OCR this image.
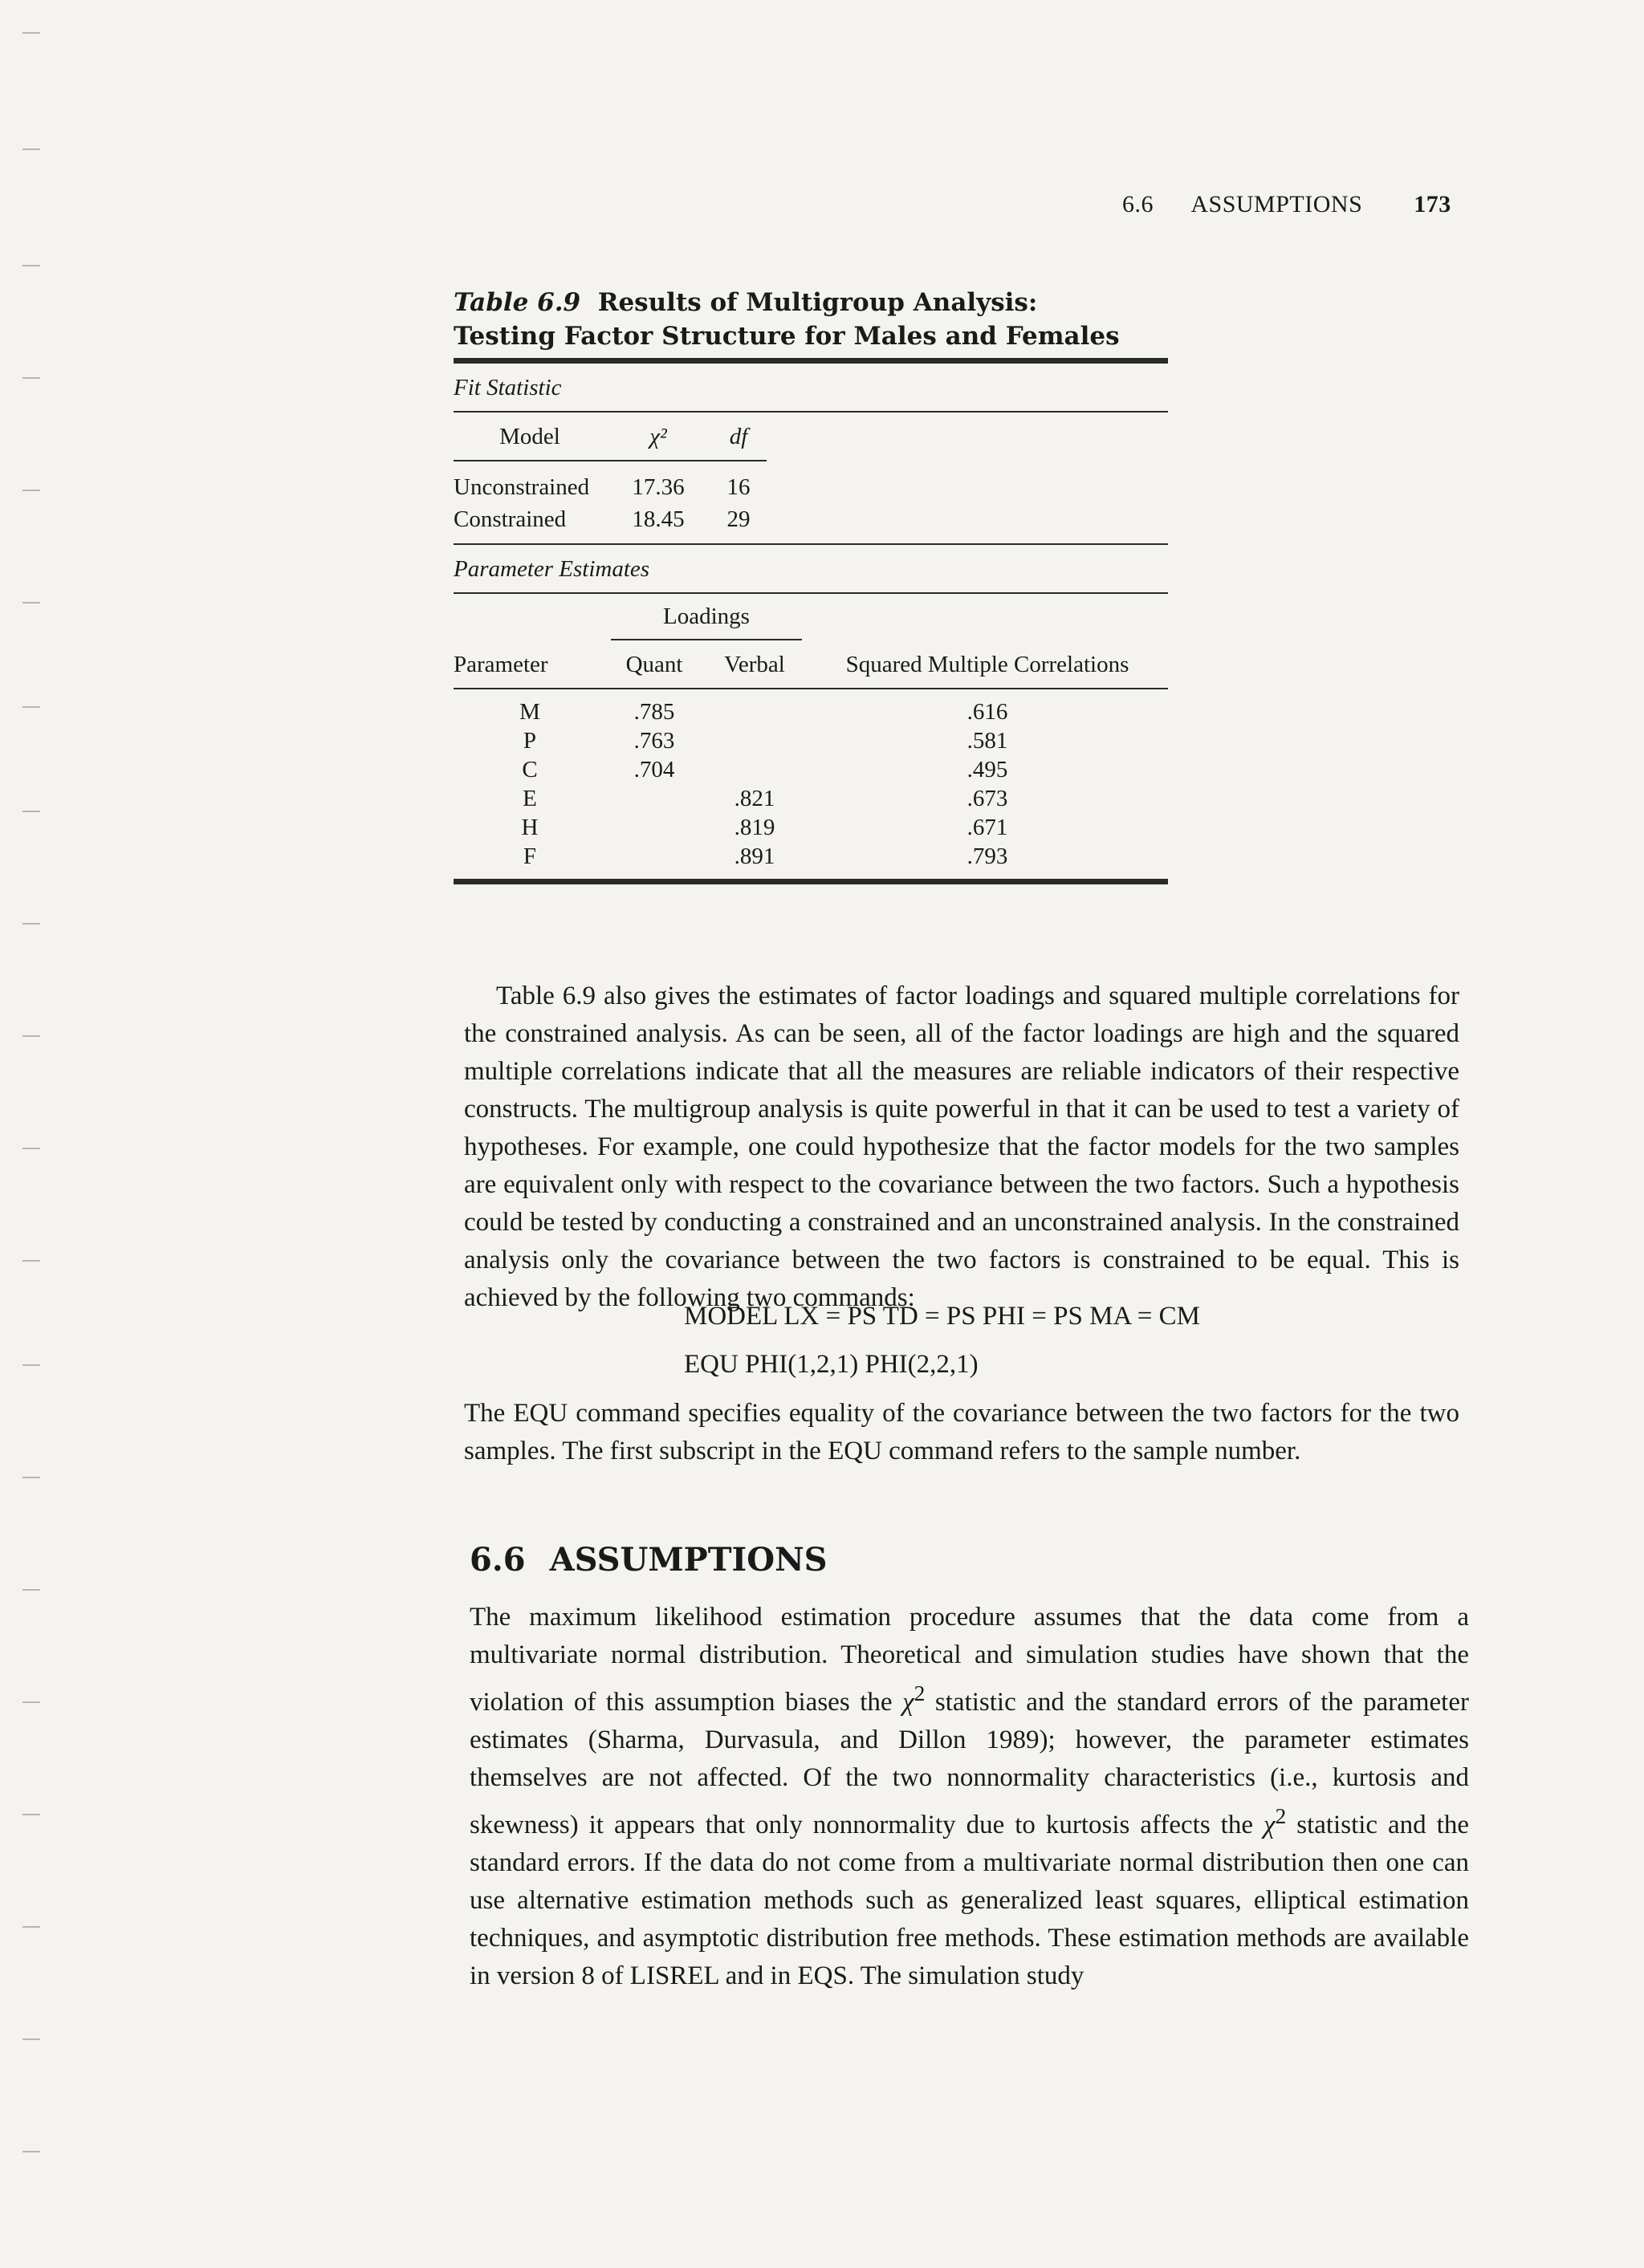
6.6 ASSUMPTIONS 173
Table 6.9 Results of Multigroup Analysis:
Testing Factor Structure for Males and Females
Fit Statistic
Model	χ²	df
Unconstrained	17.36	16
Constrained	18.45	29
Parameter Estimates
	Loadings	

Parameter	Quant	Verbal	Squared Multiple Correlations

M	.785		.616
P	.763		.581
C	.704		.495
E		.821	.673
H		.819	.671
F		.891	.793

Table 6.9 also gives the estimates of factor loadings and squared multiple correlations for the constrained analysis. As can be seen, all of the factor loadings are high and the squared multiple correlations indicate that all the measures are reliable indicators of their respective constructs. The multigroup analysis is quite powerful in that it can be used to test a variety of hypotheses. For example, one could hypothesize that the factor models for the two samples are equivalent only with respect to the covariance between the two factors. Such a hypothesis could be tested by conducting a constrained and an unconstrained analysis. In the constrained analysis only the covariance between the two factors is constrained to be equal. This is achieved by the following two commands:

MODEL LX = PS TD = PS PHI = PS MA = CM
EQU PHI(1,2,1) PHI(2,2,1)

The EQU command specifies equality of the covariance between the two factors for the two samples. The first subscript in the EQU command refers to the sample number.

6.6 ASSUMPTIONS

The maximum likelihood estimation procedure assumes that the data come from a multivariate normal distribution. Theoretical and simulation studies have shown that the violation of this assumption biases the $\chi^2$ statistic and the standard errors of the parameter estimates (Sharma, Durvasula, and Dillon 1989); however, the parameter estimates themselves are not affected. Of the two nonnormality characteristics (i.e., kurtosis and skewness) it appears that only nonnormality due to kurtosis affects the $\chi^2$ statistic and the standard errors. If the data do not come from a multivariate normal distribution then one can use alternative estimation methods such as generalized least squares, elliptical estimation techniques, and asymptotic distribution free methods. These estimation methods are available in version 8 of LISREL and in EQS. The simulation study
